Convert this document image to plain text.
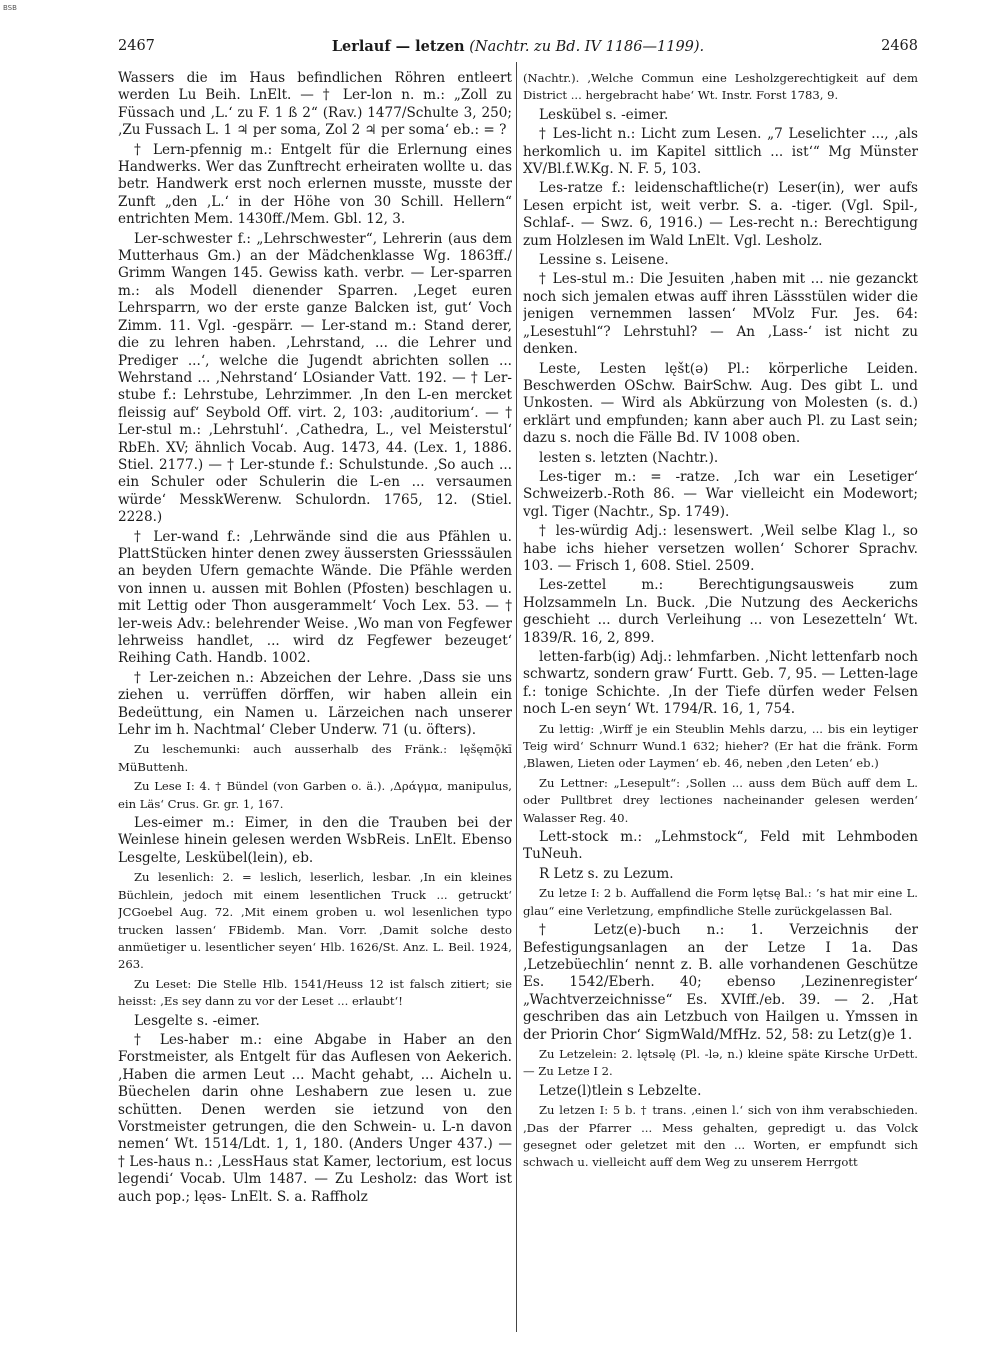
BSB
2467	Lerlauf — letzen (Nachtr. zu Bd. IV 1186—1199).	2468

Wassers die im Haus befindlichen Röhren entleert werden Lu Beih. LnElt. — † Ler-lon n. m.: „Zoll zu Füssach und ‚L.‘ zu F. 1 ß 2“ (Rav.) 1477/Schulte 3, 250; ‚Zu Fussach L. 1 ♃ per soma, Zol 2 ♃ per soma‘ eb.: = ?

† Lern-pfennig m.: Entgelt für die Erlernung eines Handwerks. Wer das Zunftrecht erheiraten wollte u. das betr. Handwerk erst noch erlernen musste, musste der Zunft „den ‚L.‘ in der Höhe von 30 Schill. Hellern“ entrichten Mem. 1430ff./Mem. Gbl. 12, 3.

Ler-schwester f.: „Lehrschwester“, Lehrerin (aus dem Mutterhaus Gm.) an der Mädchenklasse Wg. 1863ff./ Grimm Wangen 145. Gewiss kath. verbr. — Ler-sparren m.: als Modell dienender Sparren. ‚Leget euren Lehrsparrn, wo der erste ganze Balcken ist, gut‘ Voch Zimm. 11. Vgl. -gespärr. — Ler-stand m.: Stand derer, die zu lehren haben. ‚Lehrstand, ... die Lehrer und Prediger ...‘, welche die Jugendt abrichten sollen ... Wehrstand ... ‚Nehrstand‘ LOsiander Vatt. 192. — † Ler-stube f.: Lehrstube, Lehrzimmer. ‚In den L-en mercket fleissig auf‘ Seybold Off. virt. 2, 103: ‚auditorium‘. — † Ler-stul m.: ‚Lehrstuhl‘. ‚Cathedra, L., vel Meisterstul‘ RbEh. XV; ähnlich Vocab. Aug. 1473, 44. (Lex. 1, 1886. Stiel. 2177.) — † Ler-stunde f.: Schulstunde. ‚So auch ... ein Schuler oder Schulerin die L-en ... versaumen würde‘ MesskWerenw. Schulordn. 1765, 12. (Stiel. 2228.)

† Ler-wand f.: ‚Lehrwände sind die aus Pfählen u. PlattStücken hinter denen zwey äussersten Griesssäulen an beyden Ufern gemachte Wände. Die Pfähle werden von innen u. aussen mit Bohlen (Pfosten) beschlagen u. mit Lettig oder Thon ausgerammelt‘ Voch Lex. 53. — † ler-weis Adv.: belehrender Weise. ‚Wo man von Fegfewer lehrweiss handlet, ... wird dz Fegfewer bezeuget‘ Reihing Cath. Handb. 1002.

† Ler-zeichen n.: Abzeichen der Lehre. ‚Dass sie uns ziehen u. verrüffen dörffen, wir haben allein ein Bedeüttung, ein Namen u. Lärzeichen nach unserer Lehr im h. Nachtmal‘ Cleber Underw. 71 (u. öfters).

Zu leschemunki: auch ausserhalb des Fränk.: lęšęmǭkī MüButtenh.

Zu Lese I: 4. † Bündel (von Garben o. ä.). ‚Δράγμα, manipulus, ein Läs‘ Crus. Gr. gr. 1, 167.

Les-eimer m.: Eimer, in den die Trauben bei der Weinlese hinein gelesen werden WsbReis. LnElt. Ebenso Lesgelte, Leskübel(lein), eb.

Zu lesenlich: 2. = leslich, leserlich, lesbar. ‚In ein kleines Büchlein, jedoch mit einem lesentlichen Truck ... getruckt‘ JCGoebel Aug. 72. ‚Mit einem groben u. wol lesenlichen typo trucken lassen‘ FBidemb. Man. Vorr. ‚Damit solche desto anmüetiger u. lesentlicher seyen‘ Hlb. 1626/St. Anz. L. Beil. 1924, 263.

Zu Leset: Die Stelle Hlb. 1541/Heuss 12 ist falsch zitiert; sie heisst: ‚Es sey dann zu vor der Leset ... erlaubt‘!

Lesgelte s. -eimer.

† Les-haber m.: eine Abgabe in Haber an den Forstmeister, als Entgelt für das Auflesen von Aekerich. ‚Haben die armen Leut ... Macht gehabt, ... Aicheln u. Büechelen darin ohne Leshabern zue lesen u. zue schütten. Denen werden sie ietzund von den Vorstmeister getrungen, die den Schwein- u. L-n davon nemen‘ Wt. 1514/Ldt. 1, 1, 180. (Anders Unger 437.) — † Les-haus n.: ‚LessHaus stat Kamer, lectorium, est locus legendi‘ Vocab. Ulm 1487. — Zu Lesholz: das Wort ist auch pop.; lęəs- LnElt. S. a. Raffholz

(Nachtr.). ‚Welche Commun eine Lesholzgerechtigkeit auf dem District ... hergebracht habe‘ Wt. Instr. Forst 1783, 9.

Leskübel s. -eimer.

† Les-licht n.: Licht zum Lesen. „7 Leselichter ..., ‚als herkomlich u. im Kapitel sittlich ... ist‘“ Mg Münster XV/Bl.f.W.Kg. N. F. 5, 103.

Les-ratze f.: leidenschaftliche(r) Leser(in), wer aufs Lesen erpicht ist, weit verbr. S. a. -tiger. (Vgl. Spil-, Schlaf-. — Swz. 6, 1916.) — Les-recht n.: Berechtigung zum Holzlesen im Wald LnElt. Vgl. Lesholz.

Lessine s. Leisene.

† Les-stul m.: Die Jesuiten ‚haben mit ... nie gezanckt noch sich jemalen etwas auff ihren Lässstülen wider die jenigen vernemmen lassen‘ MVolz Fur. Jes. 64: „Lesestuhl“? Lehrstuhl? — An ‚Lass-‘ ist nicht zu denken.

Leste, Lesten lęšt(ə) Pl.: körperliche Leiden. Beschwerden OSchw. BairSchw. Aug. Des gibt L. und Unkosten. — Wird als Abkürzung von Molesten (s. d.) erklärt und empfunden; kann aber auch Pl. zu Last sein; dazu s. noch die Fälle Bd. IV 1008 oben.

lesten s. letzten (Nachtr.).

Les-tiger m.: = -ratze. ‚Ich war ein Lesetiger‘ Schweizerb.-Roth 86. — War vielleicht ein Modewort; vgl. Tiger (Nachtr., Sp. 1749).

† les-würdig Adj.: lesenswert. ‚Weil selbe Klag l., so habe ichs hieher versetzen wollen‘ Schorer Sprachv. 103. — Frisch 1, 608. Stiel. 2509.

Les-zettel m.: Berechtigungsausweis zum Holzsammeln Ln. Buck. ‚Die Nutzung des Aeckerichs geschieht ... durch Verleihung ... von Lesezetteln‘ Wt. 1839/R. 16, 2, 899.

letten-farb(ig) Adj.: lehmfarben. ‚Nicht lettenfarb noch schwartz, sondern graw‘ Furtt. Geb. 7, 95. — Letten-lage f.: tonige Schichte. ‚In der Tiefe dürfen weder Felsen noch L-en seyn‘ Wt. 1794/R. 16, 1, 754.

Zu lettig: ‚Wirff je ein Steublin Mehls darzu, ... bis ein leytiger Teig wird‘ Schnurr Wund.1 632; hieher? (Er hat die fränk. Form ‚Blawen, Lieten oder Laymen‘ eb. 46, neben ‚den Leten‘ eb.)

Zu Lettner: „Lesepult“: ‚Sollen ... auss dem Büch auff dem L. oder Pulltbret drey lectiones nacheinander gelesen werden‘ Walasser Reg. 40.

Lett-stock m.: „Lehmstock“, Feld mit Lehmboden TuNeuh.

R Letz s. zu Lezum.

Zu letze I: 2 b. Auffallend die Form lętsę Bal.: ’s hat mir eine L. glau“ eine Verletzung, empfindliche Stelle zurückgelassen Bal.

† Letz(e)-buch n.: 1. Verzeichnis der Befestigungsanlagen an der Letze I 1a. Das ‚Letzebüechlin‘ nennt z. B. alle vorhandenen Geschütze Es. 1542/Eberh. 40; ebenso ‚Lezinenregister‘ „Wachtverzeichnisse“ Es. XVIff./eb. 39. — 2. ‚Hat geschriben das ain Letzbuch von Hailgen u. Ymssen in der Priorin Chor‘ SigmWald/MfHz. 52, 58: zu Letz(g)e 1.

Zu Letzelein: 2. lętsəlę (Pl. -lə, n.) kleine späte Kirsche UrDett. — Zu Letze I 2.

Letze(l)tlein s Lebzelte.

Zu letzen I: 5 b. † trans. ‚einen l.‘ sich von ihm verabschieden. ‚Das der Pfarrer ... Mess gehalten, gepredigt u. das Volck gesegnet oder geletzet mit den ... Worten, er empfundt sich schwach u. vielleicht auff dem Weg zu unserem Herrgott
